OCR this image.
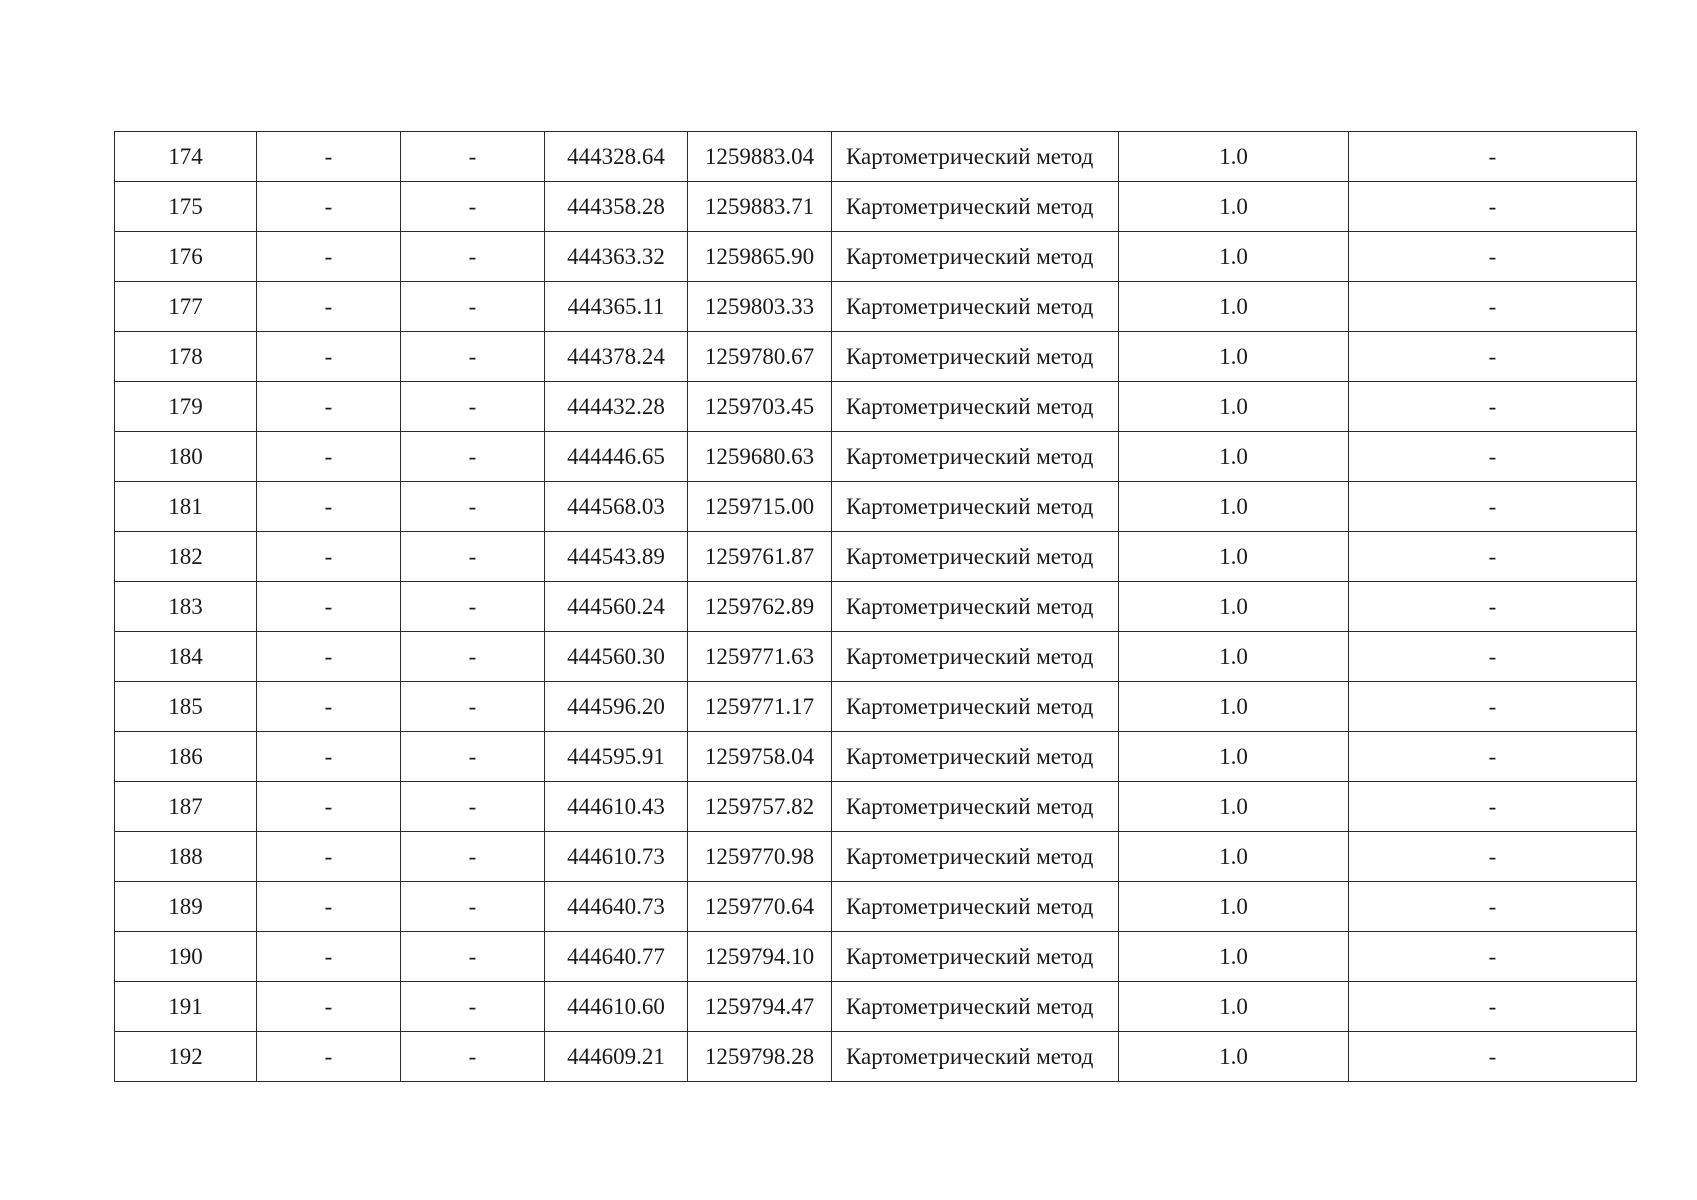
174	-	-	444328.64	1259883.04	Картометрический метод	1.0	-
175	-	-	444358.28	1259883.71	Картометрический метод	1.0	-
176	-	-	444363.32	1259865.90	Картометрический метод	1.0	-
177	-	-	444365.11	1259803.33	Картометрический метод	1.0	-
178	-	-	444378.24	1259780.67	Картометрический метод	1.0	-
179	-	-	444432.28	1259703.45	Картометрический метод	1.0	-
180	-	-	444446.65	1259680.63	Картометрический метод	1.0	-
181	-	-	444568.03	1259715.00	Картометрический метод	1.0	-
182	-	-	444543.89	1259761.87	Картометрический метод	1.0	-
183	-	-	444560.24	1259762.89	Картометрический метод	1.0	-
184	-	-	444560.30	1259771.63	Картометрический метод	1.0	-
185	-	-	444596.20	1259771.17	Картометрический метод	1.0	-
186	-	-	444595.91	1259758.04	Картометрический метод	1.0	-
187	-	-	444610.43	1259757.82	Картометрический метод	1.0	-
188	-	-	444610.73	1259770.98	Картометрический метод	1.0	-
189	-	-	444640.73	1259770.64	Картометрический метод	1.0	-
190	-	-	444640.77	1259794.10	Картометрический метод	1.0	-
191	-	-	444610.60	1259794.47	Картометрический метод	1.0	-
192	-	-	444609.21	1259798.28	Картометрический метод	1.0	-
